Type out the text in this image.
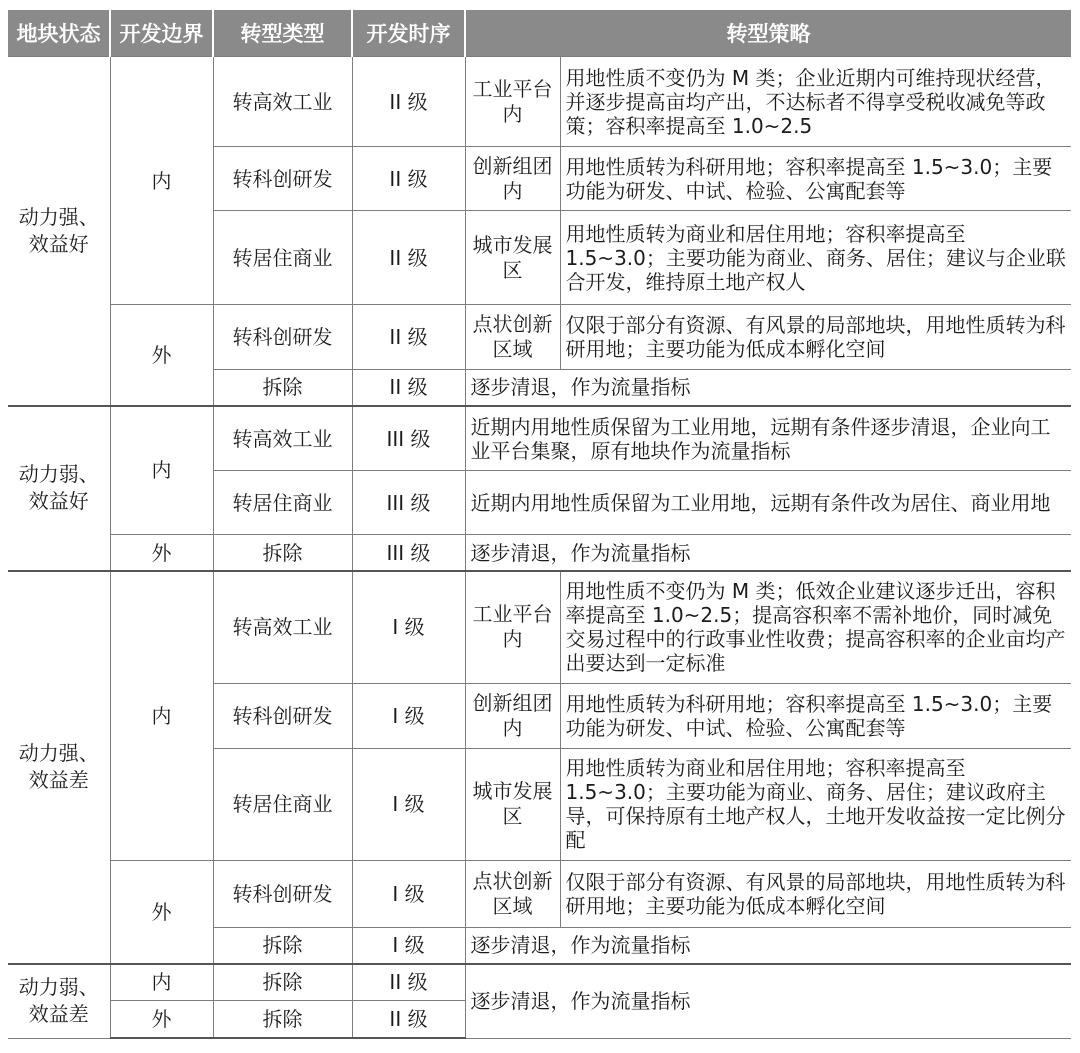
地块状态	开发边界	转型类型	开发时序	转型策略	
动力强、效益好	内	转高效工业	II 级	工业平台内	用地性质不变仍为 M 类；企业近期内可维持现状经营，并逐步提高亩均产出，不达标者不得享受税收减免等政策；容积率提高至 1.0~2.5
		转科创研发	II 级	创新组团内	用地性质转为科研用地；容积率提高至 1.5~3.0；主要功能为研发、中试、检验、公寓配套等
		转居住商业	II 级	城市发展区	用地性质转为商业和居住用地；容积率提高至 1.5~3.0；主要功能为商业、商务、居住；建议与企业联合开发，维持原土地产权人
	外	转科创研发	II 级	点状创新区域	仅限于部分有资源、有风景的局部地块，用地性质转为科研用地；主要功能为低成本孵化空间
		拆除	II 级	逐步清退，作为流量指标	
动力弱、效益好	内	转高效工业	III 级	近期内用地性质保留为工业用地，远期有条件逐步清退，企业向工业平台集聚，原有地块作为流量指标	
		转居住商业	III 级	近期内用地性质保留为工业用地，远期有条件改为居住、商业用地	
	外	拆除	III 级	逐步清退，作为流量指标	
动力强、效益差	内	转高效工业	I 级	工业平台内	用地性质不变仍为 M 类；低效企业建议逐步迁出，容积率提高至 1.0~2.5；提高容积率不需补地价，同时减免交易过程中的行政事业性收费；提高容积率的企业亩均产出要达到一定标准
		转科创研发	I 级	创新组团内	用地性质转为科研用地；容积率提高至 1.5~3.0；主要功能为研发、中试、检验、公寓配套等
		转居住商业	I 级	城市发展区	用地性质转为商业和居住用地；容积率提高至 1.5~3.0；主要功能为商业、商务、居住；建议政府主导，可保持原有土地产权人，土地开发收益按一定比例分配
	外	转科创研发	I 级	点状创新区域	仅限于部分有资源、有风景的局部地块，用地性质转为科研用地；主要功能为低成本孵化空间
		拆除	I 级	逐步清退，作为流量指标	
动力弱、效益差	内	拆除	II 级	逐步清退，作为流量指标	
	外	拆除	II 级		
